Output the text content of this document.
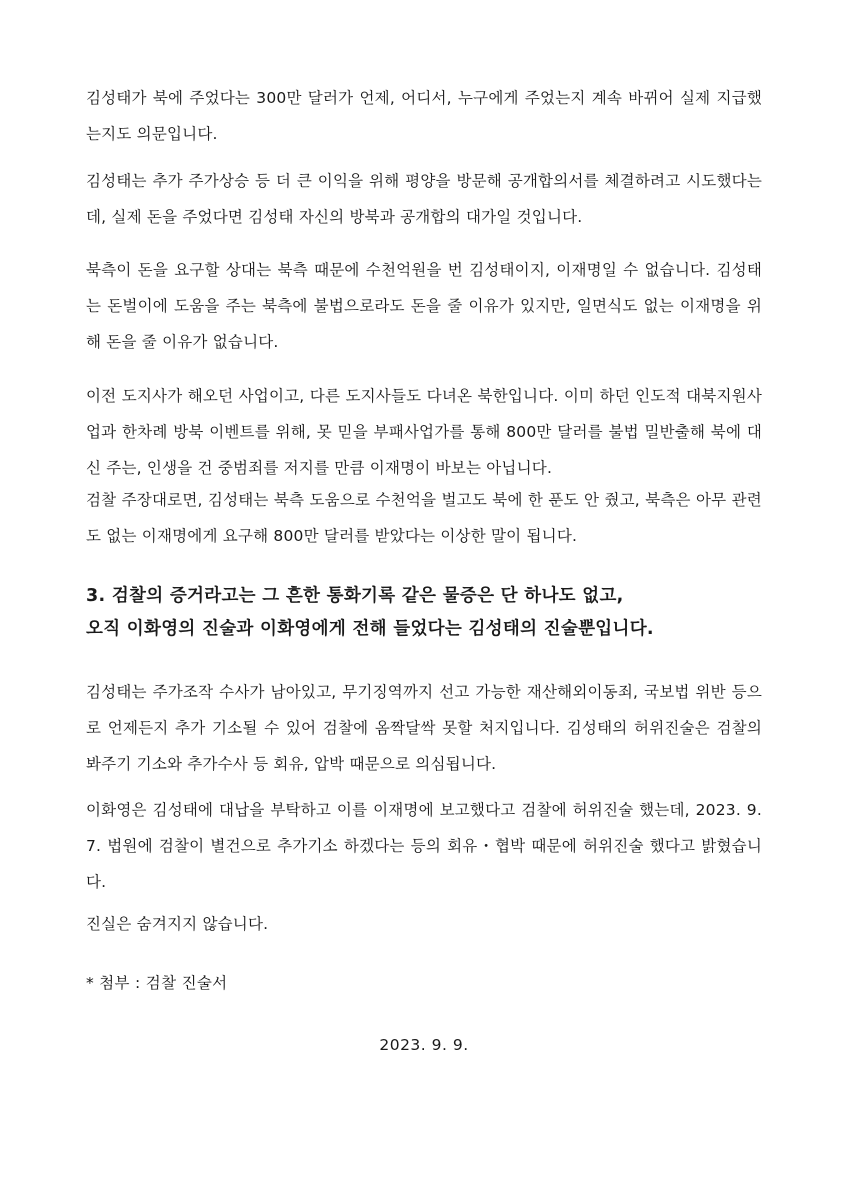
김성태가 북에 주었다는 300만 달러가 언제, 어디서, 누구에게 주었는지 계속 바뀌어 실제 지급했는지도 의문입니다.

김성태는 추가 주가상승 등 더 큰 이익을 위해 평양을 방문해 공개합의서를 체결하려고 시도했다는데, 실제 돈을 주었다면 김성태 자신의 방북과 공개합의 대가일 것입니다.

북측이 돈을 요구할 상대는 북측 때문에 수천억원을 번 김성태이지, 이재명일 수 없습니다. 김성태는 돈벌이에 도움을 주는 북측에 불법으로라도 돈을 줄 이유가 있지만, 일면식도 없는 이재명을 위해 돈을 줄 이유가 없습니다.

이전 도지사가 해오던 사업이고, 다른 도지사들도 다녀온 북한입니다. 이미 하던 인도적 대북지원사업과 한차례 방북 이벤트를 위해, 못 믿을 부패사업가를 통해 800만 달러를 불법 밀반출해 북에 대신 주는, 인생을 건 중범죄를 저지를 만큼 이재명이 바보는 아닙니다.

검찰 주장대로면, 김성태는 북측 도움으로 수천억을 벌고도 북에 한 푼도 안 줬고, 북측은 아무 관련도 없는 이재명에게 요구해 800만 달러를 받았다는 이상한 말이 됩니다.

3. 검찰의 증거라고는 그 흔한 통화기록 같은 물증은 단 하나도 없고,
오직 이화영의 진술과 이화영에게 전해 들었다는 김성태의 진술뿐입니다.

김성태는 주가조작 수사가 남아있고, 무기징역까지 선고 가능한 재산해외이동죄, 국보법 위반 등으로 언제든지 추가 기소될 수 있어 검찰에 옴짝달싹 못할 처지입니다. 김성태의 허위진술은 검찰의 봐주기 기소와 추가수사 등 회유, 압박 때문으로 의심됩니다.

이화영은 김성태에 대납을 부탁하고 이를 이재명에 보고했다고 검찰에 허위진술 했는데, 2023. 9. 7. 법원에 검찰이 별건으로 추가기소 하겠다는 등의 회유・협박 때문에 허위진술 했다고 밝혔습니다.

진실은 숨겨지지 않습니다.

* 첨부 : 검찰 진술서

2023. 9. 9.
